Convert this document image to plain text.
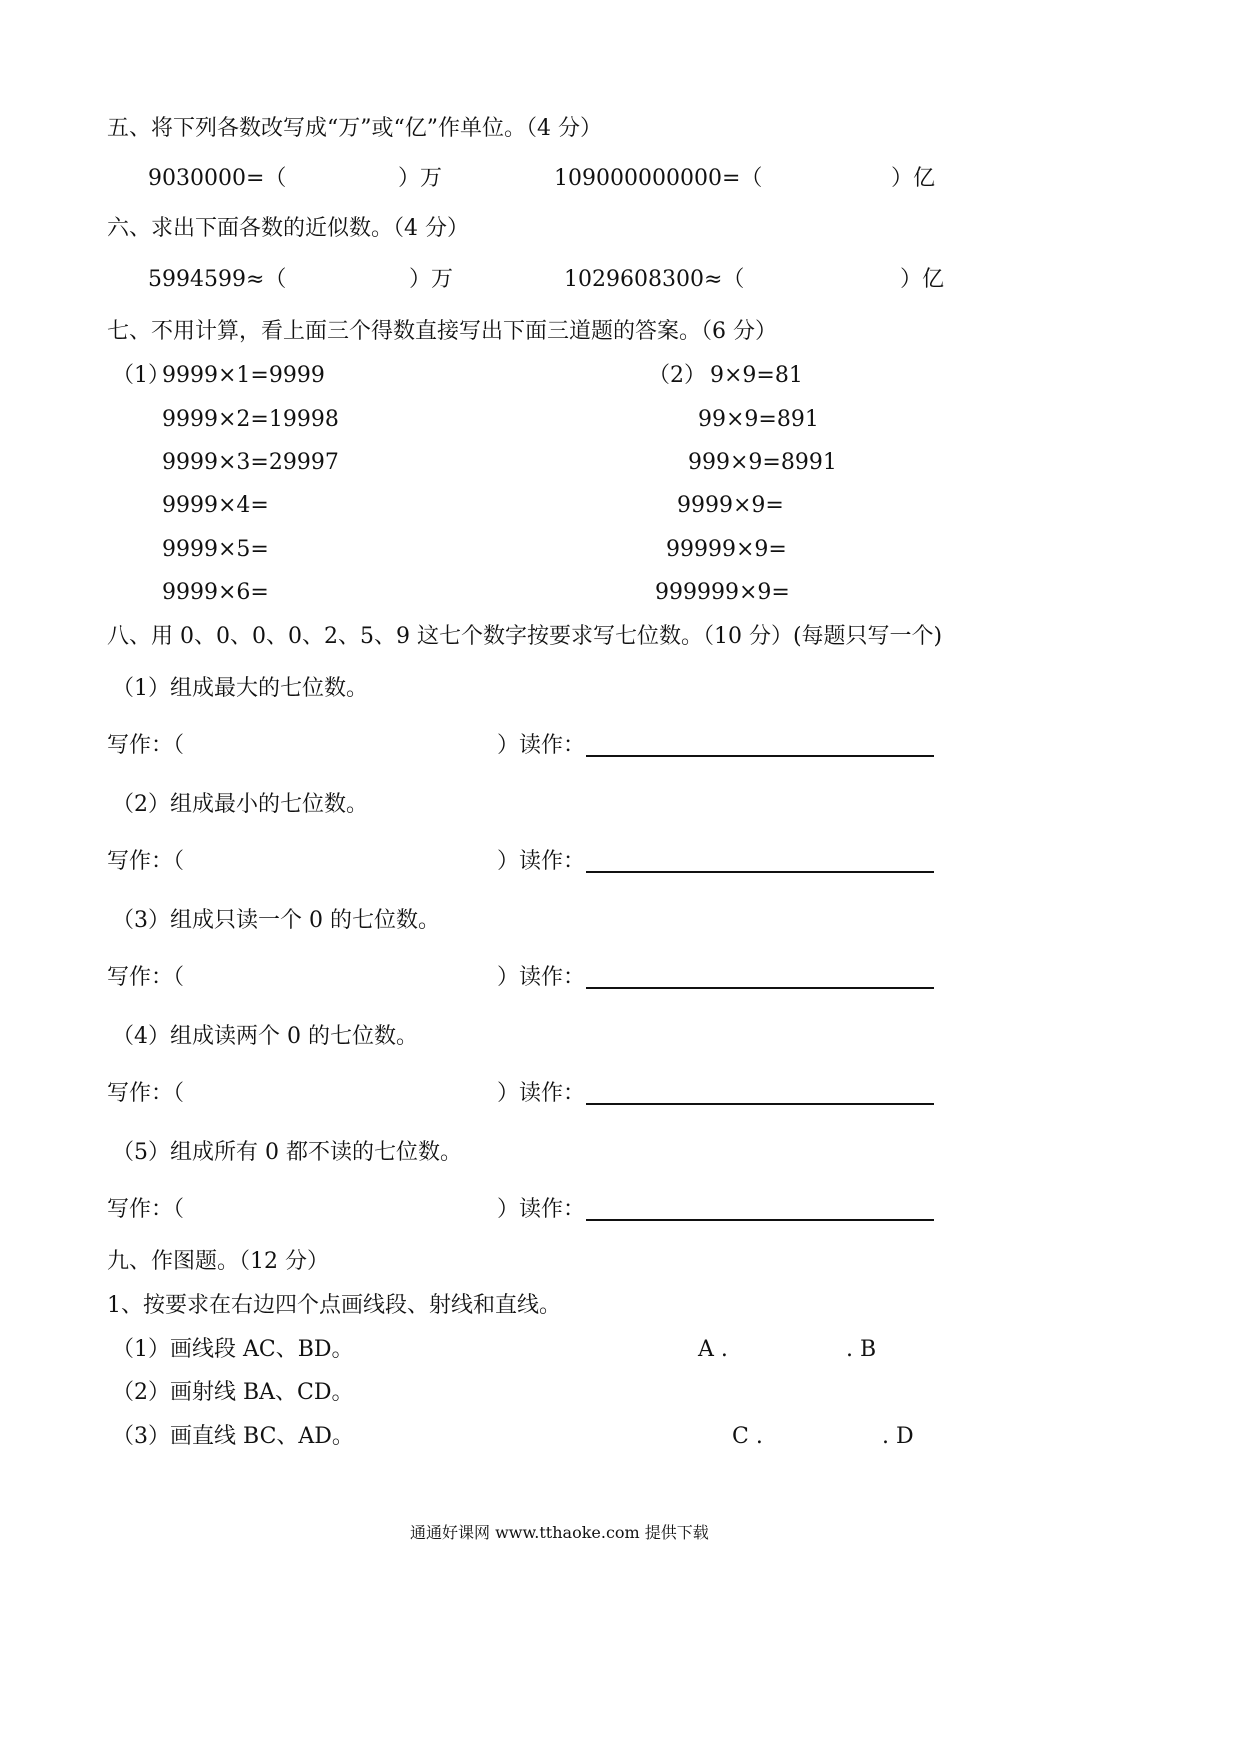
五、将下列各数改写成“万”或“亿”作单位。（4 分）
9030000=（	）万	109000000000=（	）亿
六、求出下面各数的近似数。（4 分）
5994599≈（	）万	1029608300≈（	）亿
七、不用计算，看上面三个得数直接写出下面三道题的答案。（6 分）
（1）
9999×1=9999
9999×2=19998
9999×3=29997
9999×4=
9999×5=
9999×6=
（2） 9×9=81
99×9=891
999×9=8991
9999×9=
99999×9=
999999×9=
八、用 0、0、0、0、2、5、9 这七个数字按要求写七位数。（10 分）(每题只写一个)
（1）组成最大的七位数。
写作：（	）读作：
（2）组成最小的七位数。
写作：（	）读作：
（3）组成只读一个 0 的七位数。
写作：（	）读作：
（4）组成读两个 0 的七位数。
写作：（	）读作：
（5）组成所有 0 都不读的七位数。
写作：（	）读作：
九、作图题。（12 分）
1、按要求在右边四个点画线段、射线和直线。
（1）画线段 AC、BD。
（2）画射线 BA、CD。
（3）画直线 BC、AD。
A .	. B
C .	. D
通通好课网 www.tthaoke.com 提供下载
